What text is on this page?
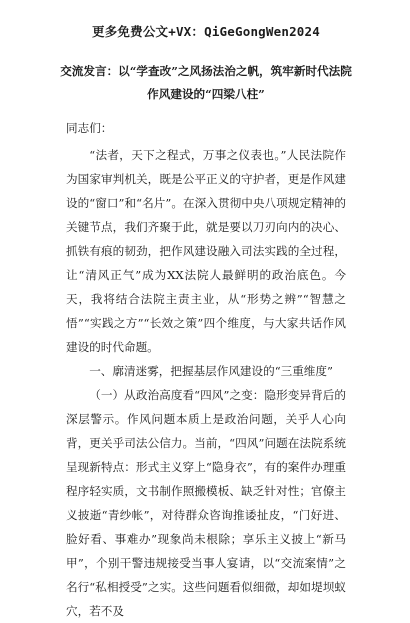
更多免费公文+VX：QiGeGongWen2024
交流发言：以“学查改”之风扬法治之帆，筑牢新时代法院作风建设的“四梁八柱”

同志们：

“法者，天下之程式，万事之仪表也。”人民法院作为国家审判机关，既是公平正义的守护者，更是作风建设的“窗口”和“名片”。在深入贯彻中央八项规定精神的关键节点，我们齐聚于此，就是要以刀刃向内的决心、抓铁有痕的韧劲，把作风建设融入司法实践的全过程，让“清风正气”成为XX法院人最鲜明的政治底色。今天，我将结合法院主责主业，从“形势之辨”“智慧之悟”“实践之方”“长效之策”四个维度，与大家共话作风建设的时代命题。

一、廓清迷雾，把握基层作风建设的“三重维度”

（一）从政治高度看“四风”之变：隐形变异背后的深层警示。作风问题本质上是政治问题，关乎人心向背，更关乎司法公信力。当前，“四风”问题在法院系统呈现新特点：形式主义穿上“隐身衣”，有的案件办理重程序轻实质，文书制作照搬模板、缺乏针对性；官僚主义披逝“青纱帐”，对待群众咨询推诿扯皮，“门好进、脸好看、事难办”现象尚未根除；享乐主义披上“新马甲”，个别干警违规接受当事人宴请，以“交流案情”之名行“私相授受”之实。这些问题看似细微，却如堤坝蚁穴，若不及
